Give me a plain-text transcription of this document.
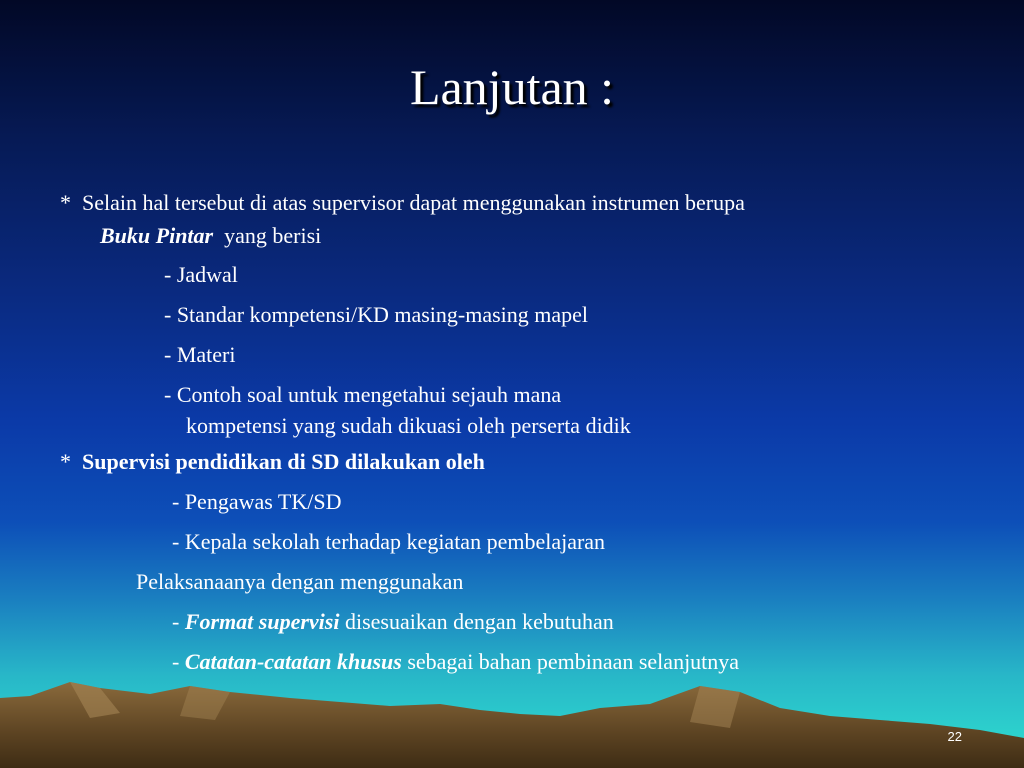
Lanjutan :
* Selain hal tersebut di atas supervisor dapat menggunakan instrumen berupa
Buku Pintar yang berisi
- Jadwal
- Standar kompetensi/KD masing-masing mapel
- Materi
- Contoh soal untuk mengetahui sejauh mana
kompetensi yang sudah dikuasi oleh perserta didik
* Supervisi pendidikan di SD dilakukan oleh
- Pengawas TK/SD
- Kepala sekolah terhadap kegiatan pembelajaran
Pelaksanaanya dengan menggunakan
- Format supervisi disesuaikan dengan kebutuhan
- Catatan-catatan khusus sebagai bahan pembinaan selanjutnya
22
